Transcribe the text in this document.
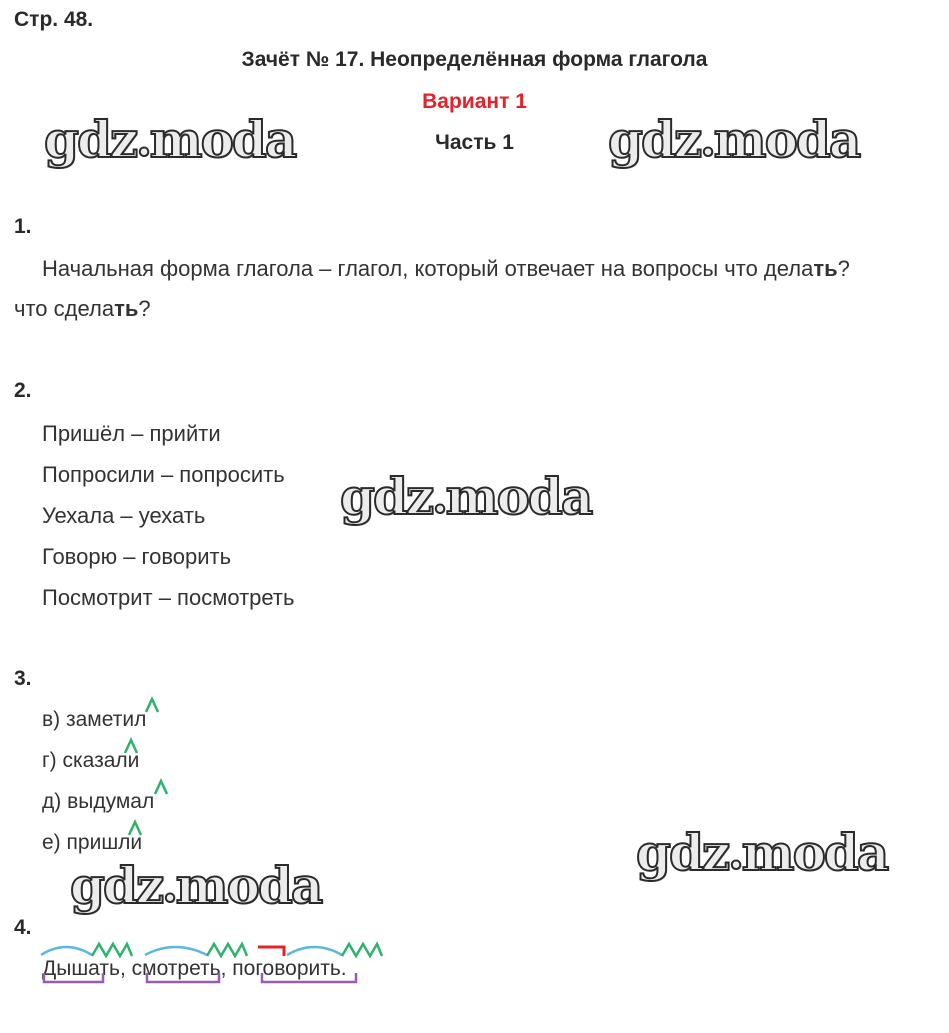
Стр. 48.
Зачёт № 17. Неопределённая форма глагола
Вариант 1
Часть 1
gdz•moda	gdz•moda
gdz•moda
gdz•moda
gdz•moda
1.
Начальная форма глагола – глагол, который отвечает на вопросы что делать?
что сделать?
2.
Пришёл – прийти
Попросили – попросить
Уехала – уехать
Говорю – говорить
Посмотрит – посмотреть
3.
в) заметил
г) сказали
д) выдумал
е) пришли
4.
Дышать, смотреть, поговорить.
